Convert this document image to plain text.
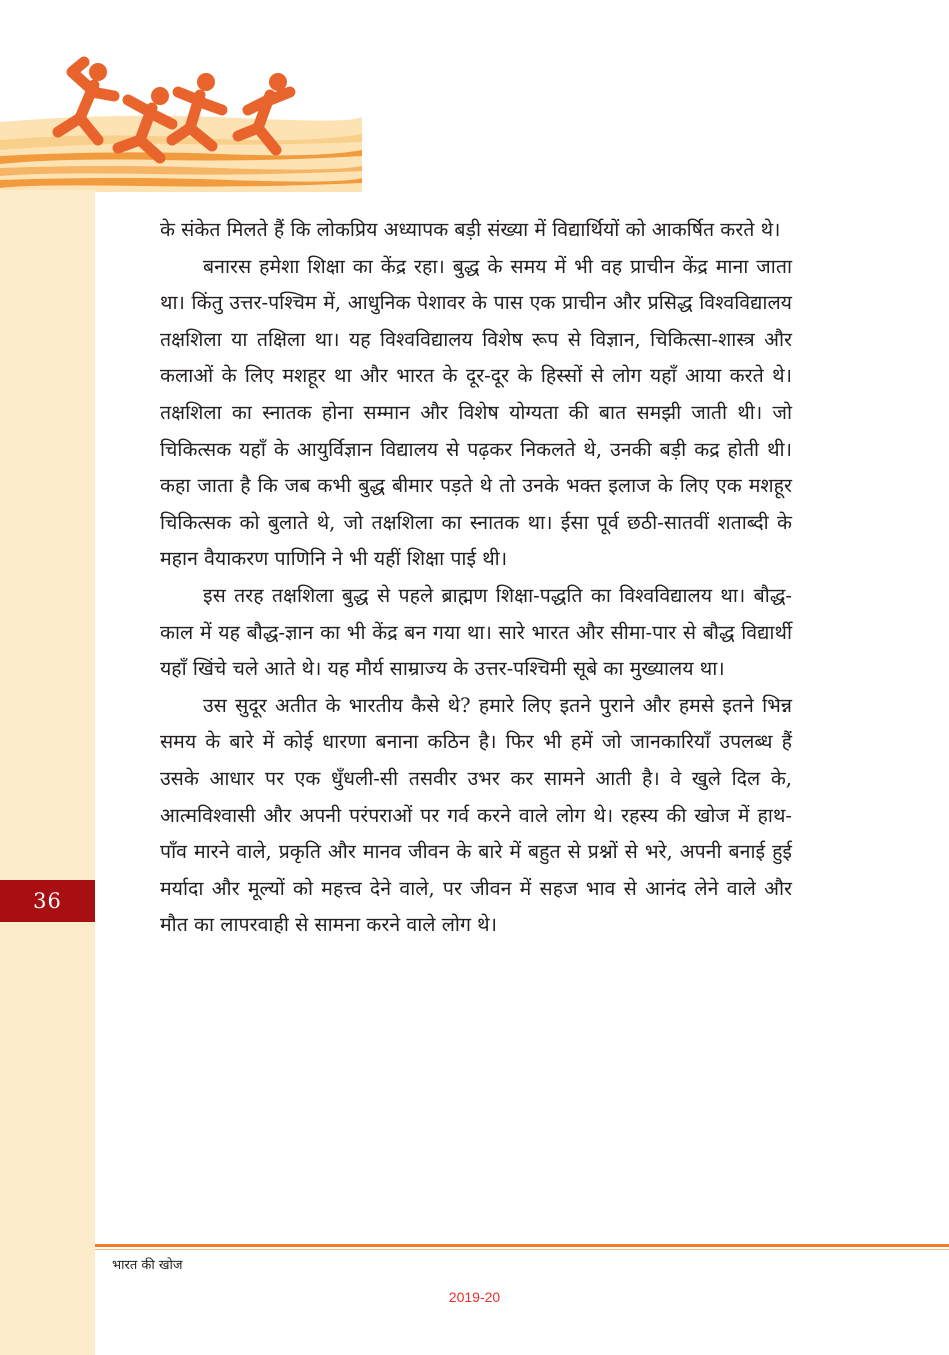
36

के संकेत मिलते हैं कि लोकप्रिय अध्यापक बड़ी संख्या में विद्यार्थियों को आकर्षित करते थे।

बनारस हमेशा शिक्षा का केंद्र रहा। बुद्ध के समय में भी वह प्राचीन केंद्र माना जाता था। किंतु उत्तर-पश्चिम में, आधुनिक पेशावर के पास एक प्राचीन और प्रसिद्ध विश्वविद्यालय तक्षशिला या तक्षिला था। यह विश्वविद्यालय विशेष रूप से विज्ञान, चिकित्सा-शास्त्र और कलाओं के लिए मशहूर था और भारत के दूर-दूर के हिस्सों से लोग यहाँ आया करते थे। तक्षशिला का स्नातक होना सम्मान और विशेष योग्यता की बात समझी जाती थी। जो चिकित्सक यहाँ के आयुर्विज्ञान विद्यालय से पढ़कर निकलते थे, उनकी बड़ी कद्र होती थी। कहा जाता है कि जब कभी बुद्ध बीमार पड़ते थे तो उनके भक्त इलाज के लिए एक मशहूर चिकित्सक को बुलाते थे, जो तक्षशिला का स्नातक था। ईसा पूर्व छठी-सातवीं शताब्दी के महान वैयाकरण पाणिनि ने भी यहीं शिक्षा पाई थी।

इस तरह तक्षशिला बुद्ध से पहले ब्राह्मण शिक्षा-पद्धति का विश्वविद्यालय था। बौद्ध-काल में यह बौद्ध-ज्ञान का भी केंद्र बन गया था। सारे भारत और सीमा-पार से बौद्ध विद्यार्थी यहाँ खिंचे चले आते थे। यह मौर्य साम्राज्य के उत्तर-पश्चिमी सूबे का मुख्यालय था।

उस सुदूर अतीत के भारतीय कैसे थे? हमारे लिए इतने पुराने और हमसे इतने भिन्न समय के बारे में कोई धारणा बनाना कठिन है। फिर भी हमें जो जानकारियाँ उपलब्ध हैं उसके आधार पर एक धुँधली-सी तसवीर उभर कर सामने आती है। वे खुले दिल के, आत्मविश्वासी और अपनी परंपराओं पर गर्व करने वाले लोग थे। रहस्य की खोज में हाथ-पाँव मारने वाले, प्रकृति और मानव जीवन के बारे में बहुत से प्रश्नों से भरे, अपनी बनाई हुई मर्यादा और मूल्यों को महत्त्व देने वाले, पर जीवन में सहज भाव से आनंद लेने वाले और मौत का लापरवाही से सामना करने वाले लोग थे।

भारत की खोज
2019-20
